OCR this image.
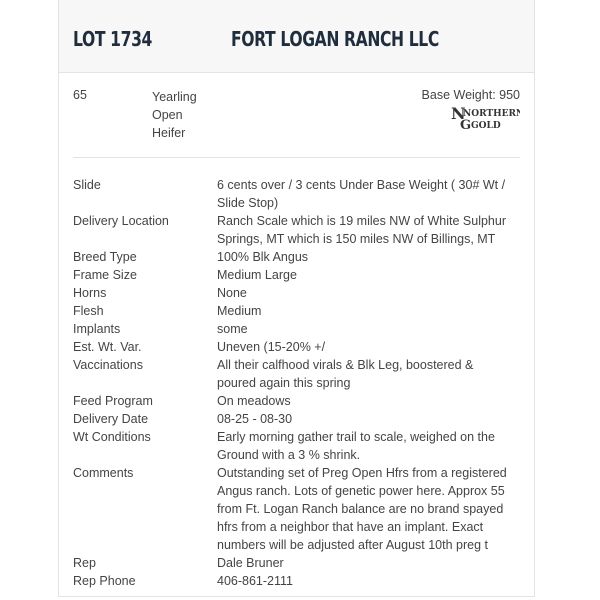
LOT 1734	FORT LOGAN RANCH LLC
65	Yearling
Open
Heifer
Base Weight: 950
N
NORTHERN
G GOLD
Slide	6 cents over / 3 cents Under Base Weight ( 30# Wt / Slide Stop)
Delivery Location	Ranch Scale which is 19 miles NW of White Sulphur Springs, MT which is 150 miles NW of Billings, MT
Breed Type	100% Blk Angus
Frame Size	Medium Large
Horns	None
Flesh	Medium
Implants	some
Est. Wt. Var.	Uneven (15-20% +/
Vaccinations	All their calfhood virals & Blk Leg, boostered & poured again this spring
Feed Program	On meadows
Delivery Date	08-25 - 08-30
Wt Conditions	Early morning gather trail to scale, weighed on the Ground with a 3 % shrink.
Comments	Outstanding set of Preg Open Hfrs from a registered Angus ranch. Lots of genetic power here. Approx 55 from Ft. Logan Ranch balance are no brand spayed hfrs from a neighbor that have an implant. Exact numbers will be adjusted after August 10th preg t
Rep	Dale Bruner
Rep Phone	406-861-2111
